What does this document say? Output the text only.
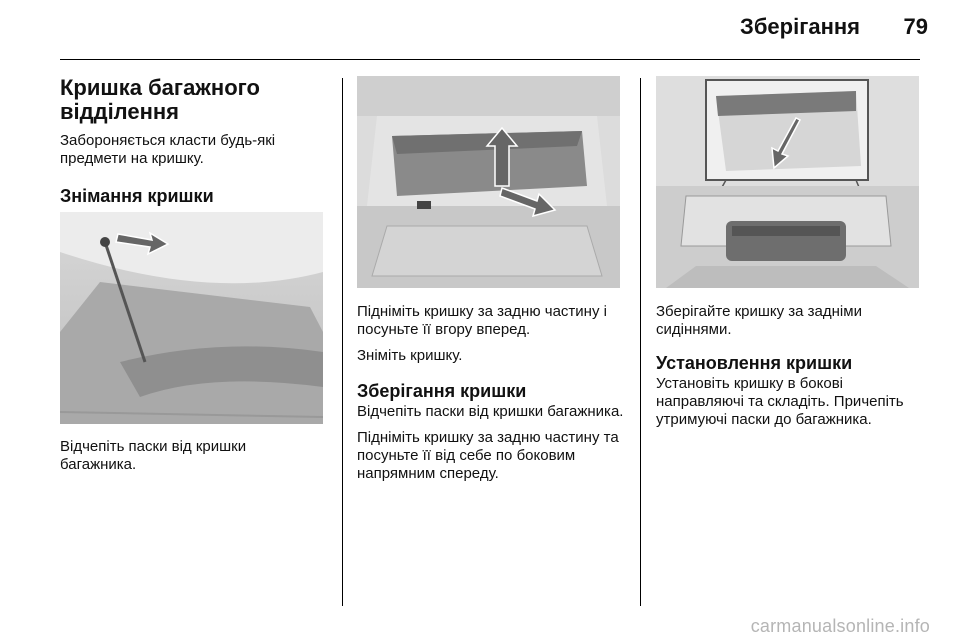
Зберігання	79
Кришка багажного відділення

Забороняється класти будь-які предмети на кришку.

Знімання кришки

Відчепіть паски від кришки багажника.

Підніміть кришку за задню частину і посуньте її вгору вперед.

Зніміть кришку.

Зберігання кришки

Відчепіть паски від кришки багажника.

Підніміть кришку за задню частину та посуньте її від себе по боковим напрямним спереду.

Зберігайте кришку за задніми сидіннями.

Установлення кришки

Установіть кришку в бокові направляючі та складіть. Причепіть утримуючі паски до багажника.

carmanualsonline.info
